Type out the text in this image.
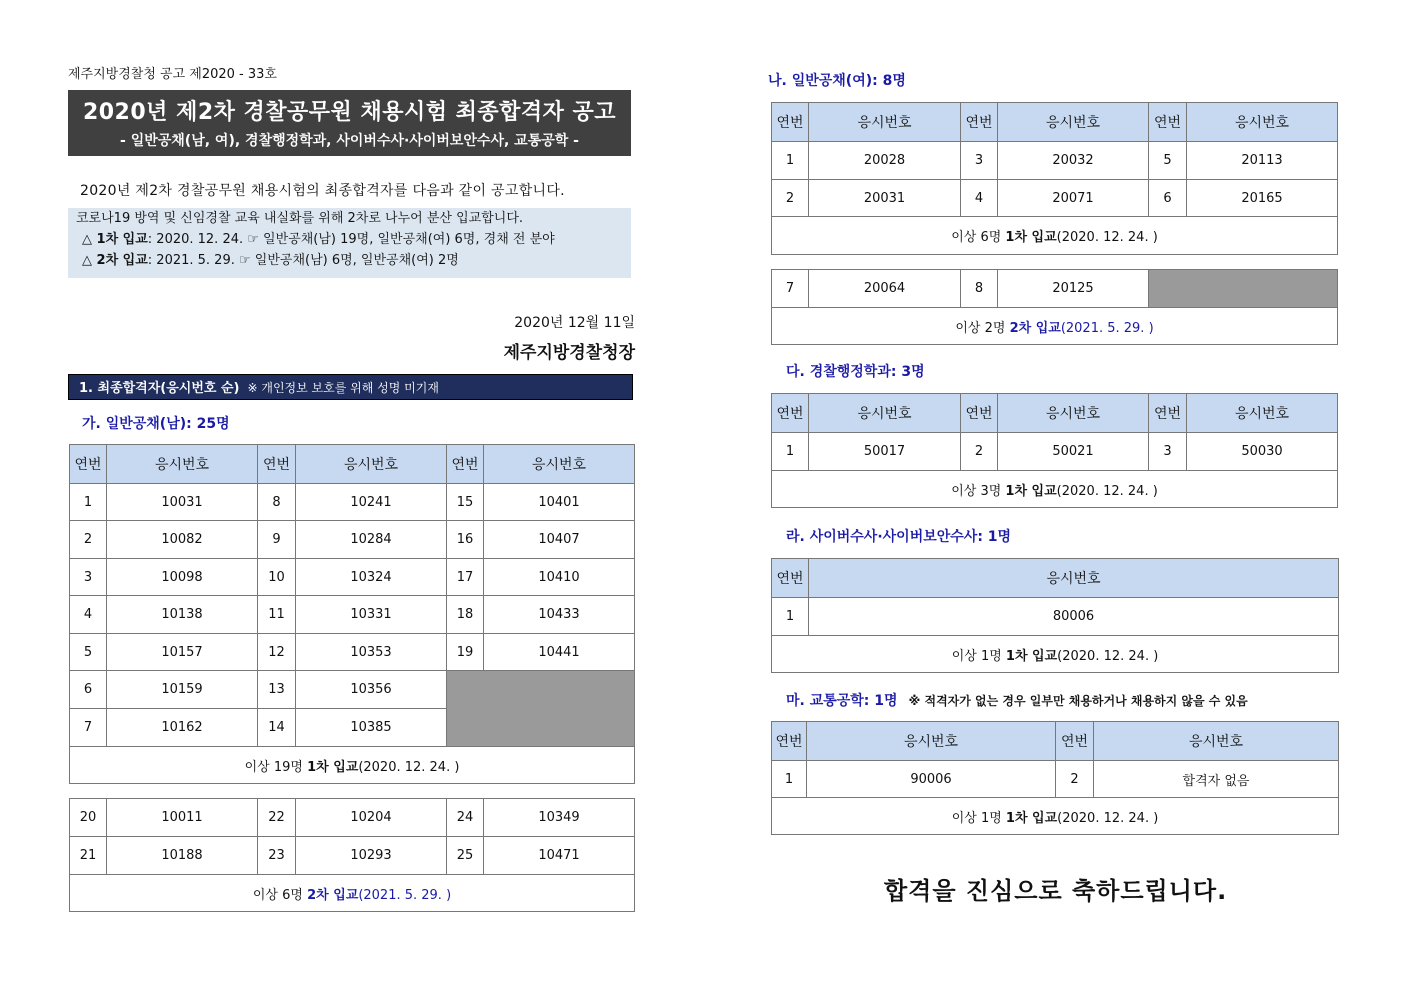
제주지방경찰청 공고 제2020 - 33호
2020년 제2차 경찰공무원 채용시험 최종합격자 공고
- 일반공채(남, 여), 경찰행정학과, 사이버수사·사이버보안수사, 교통공학 -
2020년 제2차 경찰공무원 채용시험의 최종합격자를 다음과 같이 공고합니다.
코로나19 방역 및 신임경찰 교육 내실화를 위해 2차로 나누어 분산 입교합니다.
△ 1차 입교: 2020. 12. 24. ☞ 일반공채(남) 19명, 일반공채(여) 6명, 경채 전 분야
△ 2차 입교: 2021. 5. 29. ☞ 일반공채(남) 6명, 일반공채(여) 2명
2020년 12월 11일
제주지방경찰청장
1. 최종합격자(응시번호 순) ※ 개인정보 보호를 위해 성명 미기재
가. 일반공채(남): 25명
연번	응시번호	연번	응시번호	연번	응시번호
1	10031	8	10241	15	10401
2	10082	9	10284	16	10407
3	10098	10	10324	17	10410
4	10138	11	10331	18	10433
5	10157	12	10353	19	10441
6	10159	13	10356		
7	10162	14	10385		
이상 19명 1차 입교(2020. 12. 24. )					
20	10011	22	10204	24	10349
21	10188	23	10293	25	10471
이상 6명 2차 입교(2021. 5. 29. )					
나. 일반공채(여): 8명
연번	응시번호	연번	응시번호	연번	응시번호
1	20028	3	20032	5	20113
2	20031	4	20071	6	20165
이상 6명 1차 입교(2020. 12. 24. )					
7	20064	8	20125	
이상 2명 2차 입교(2021. 5. 29. )
다. 경찰행정학과: 3명
연번	응시번호	연번	응시번호	연번	응시번호
1	50017	2	50021	3	50030
이상 3명 1차 입교(2020. 12. 24. )					
라. 사이버수사·사이버보안수사: 1명
연번	응시번호
1	80006
이상 1명 1차 입교(2020. 12. 24. )	
마. 교통공학: 1명 ※ 적격자가 없는 경우 일부만 채용하거나 채용하지 않을 수 있음
연번	응시번호	연번	응시번호
1	90006	2	합격자 없음
이상 1명 1차 입교(2020. 12. 24. )			
합격을 진심으로 축하드립니다.
